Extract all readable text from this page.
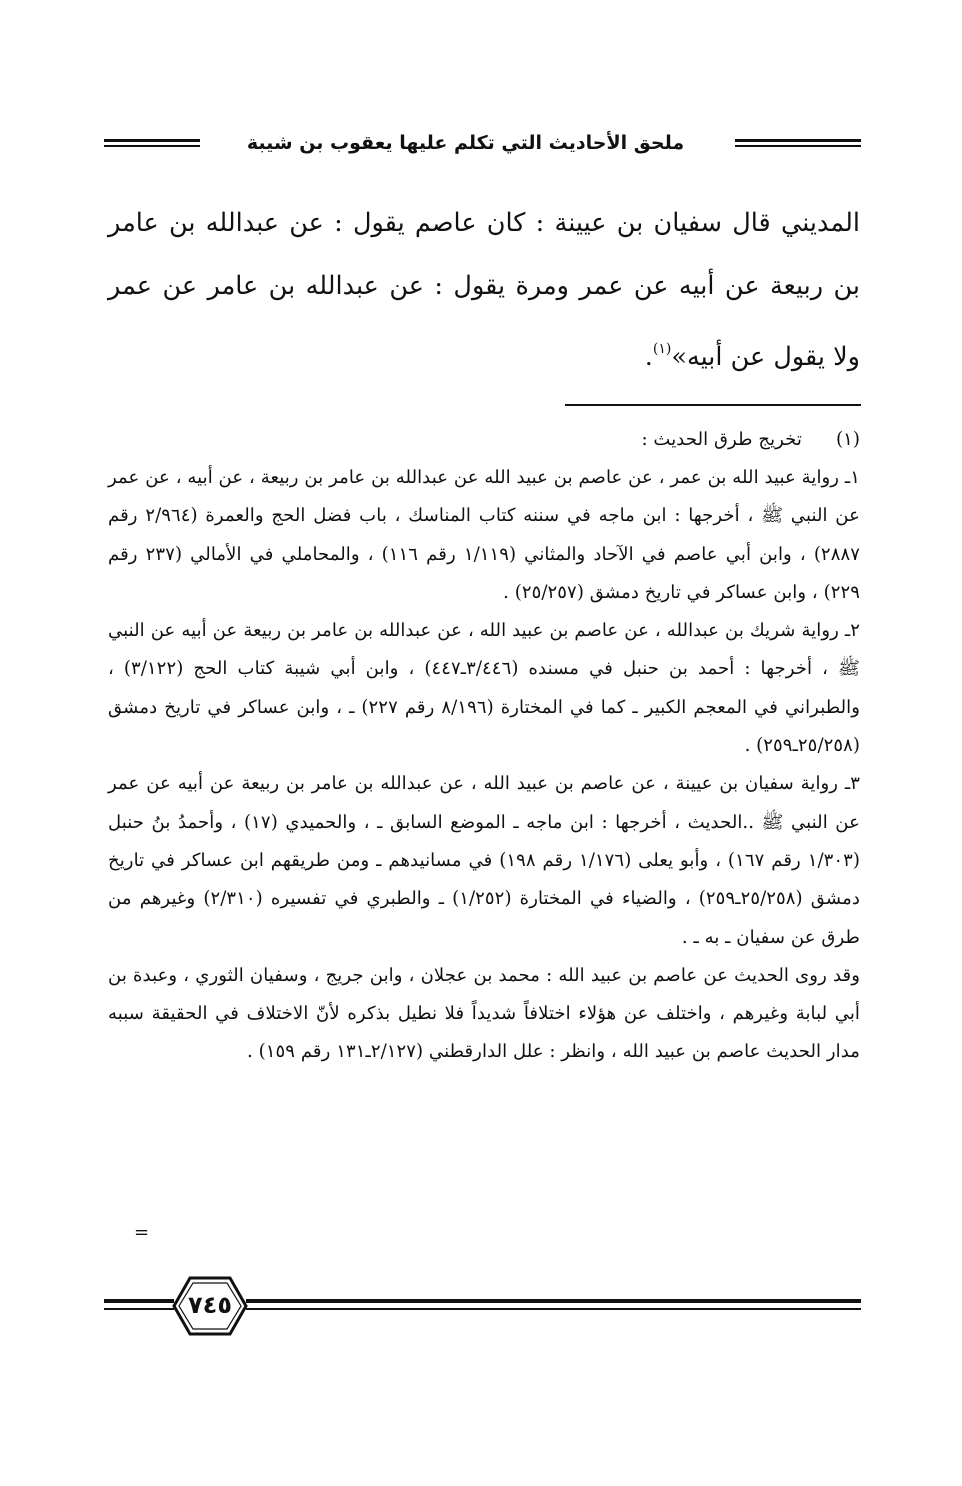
ملحق الأحاديث التي تكلم عليها يعقوب بن شيبة

المديني قال سفيان بن عيينة : كان عاصم يقول : عن عبدالله بن عامر بن ربيعة عن أبيه عن عمر ومرة يقول : عن عبدالله بن عامر عن عمر ولا يقول عن أبيه»$^{(١)}$.

(١)
تخريج طرق الحديث :

١ـ رواية عبيد الله بن عمر ، عن عاصم بن عبيد الله عن عبدالله بن عامر بن ربيعة ، عن أبيه ، عن عمر عن النبي ﷺ ، أخرجها : ابن ماجه في سننه كتاب المناسك ، باب فضل الحج والعمرة (٢/٩٦٤ رقم ٢٨٨٧) ، وابن أبي عاصم في الآحاد والمثاني (١/١١٩ رقم ١١٦) ، والمحاملي في الأمالي (٢٣٧ رقم ٢٢٩) ، وابن عساكر في تاريخ دمشق (٢٥/٢٥٧) .

٢ـ رواية شريك بن عبدالله ، عن عاصم بن عبيد الله ، عن عبدالله بن عامر بن ربيعة عن أبيه عن النبي ﷺ ، أخرجها : أحمد بن حنبل في مسنده (٣/٤٤٦ـ٤٤٧) ، وابن أبي شيبة كتاب الحج (٣/١٢٢) ، والطبراني في المعجم الكبير ـ كما في المختارة (٨/١٩٦ رقم ٢٢٧) ـ ، وابن عساكر في تاريخ دمشق (٢٥/٢٥٨ـ٢٥٩) .

٣ـ رواية سفيان بن عيينة ، عن عاصم بن عبيد الله ، عن عبدالله بن عامر بن ربيعة عن أبيه عن عمر عن النبي ﷺ ..الحديث ، أخرجها : ابن ماجه ـ الموضع السابق ـ ، والحميدي (١٧) ، وأحمدُ بنُ حنبل (١/٣٠٣ رقم ١٦٧) ، وأبو يعلى (١/١٧٦ رقم ١٩٨) في مسانيدهم ـ ومن طريقهم ابن عساكر في تاريخ دمشق (٢٥/٢٥٨ـ٢٥٩) ، والضياء في المختارة (١/٢٥٢) ـ والطبري في تفسيره (٢/٣١٠) وغيرهم من طرق عن سفيان ـ به ـ .

وقد روى الحديث عن عاصم بن عبيد الله : محمد بن عجلان ، وابن جريج ، وسفيان الثوري ، وعبدة بن أبي لبابة وغيرهم ، واختلف عن هؤلاء اختلافاً شديداً فلا نطيل بذكره لأنّ الاختلاف في الحقيقة سببه مدار الحديث عاصم بن عبيد الله ، وانظر : علل الدارقطني (٢/١٢٧ـ١٣١ رقم ١٥٩) .

=
٧٤٥
